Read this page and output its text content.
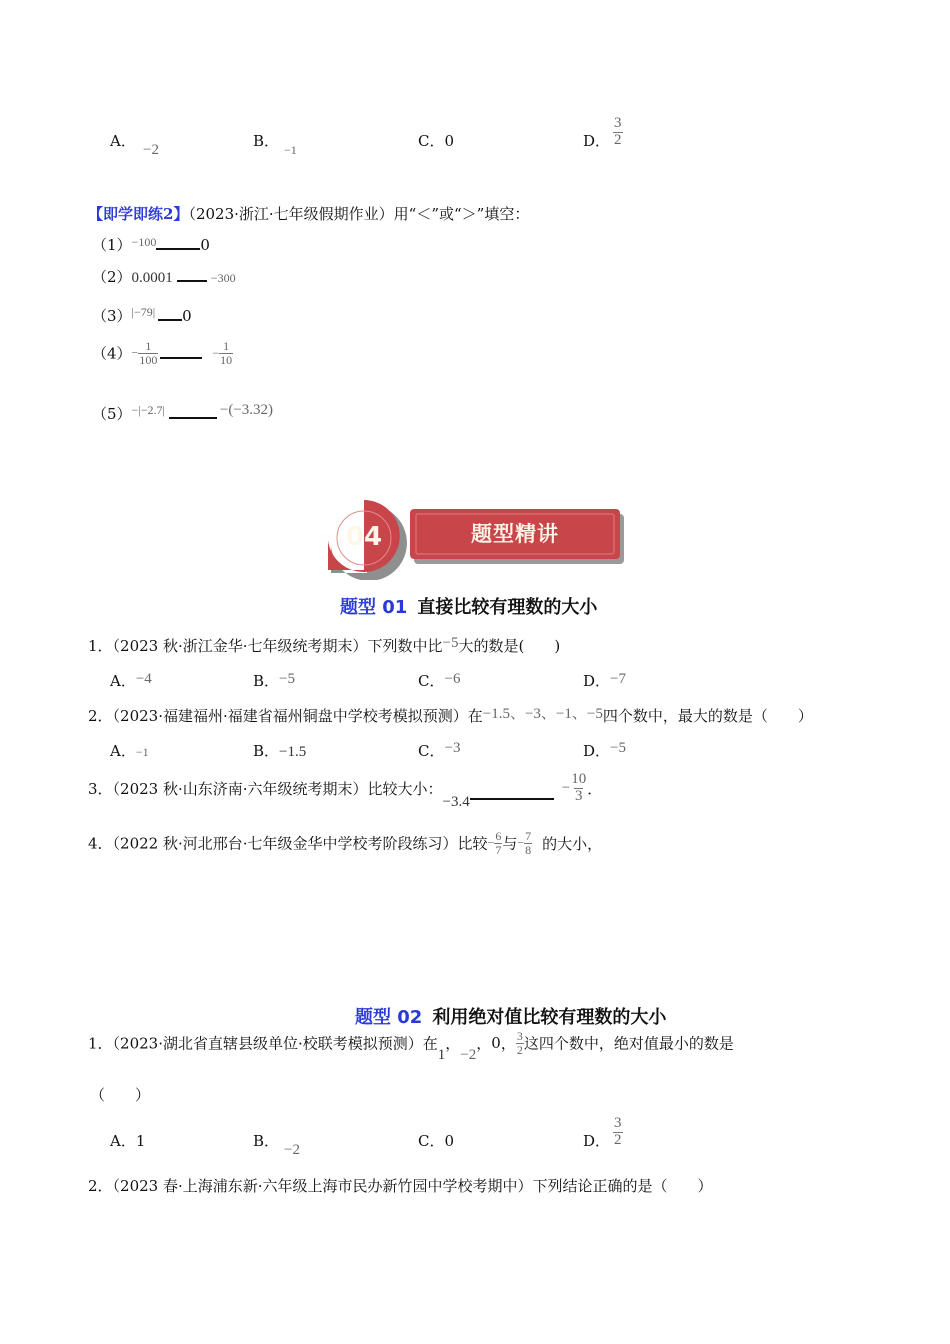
A． −2	B． −1	C．0	D． $\frac{3}{2}$
【即学即练2】（2023·浙江·七年级假期作业）用“＜”或“＞”填空：
$(1)^{-100}$	0
（2）0.0001	−300
$(3)^{|-79|}$ 0
$(4)- \frac{1}{100}$	− $\frac{1}{10}$
$(5)^{-|-2.7|}$	−(−3.32)
04	题型精讲
题型 01 直接比较有理数的大小
1．（2023 秋·浙江金华·七年级统考期末）下列数中比−5大的数是(　　)
A．−4	B．−5	C．−6	D．−7
2．（2023·福建福州·福建省福州铜盘中学校考模拟预测）在−1.5、−3、−1、−5四个数中，最大的数是（　　）
A．−1	B．−1.5	C．−3	D．−5
3．（2023 秋·山东济南·六年级统考期末）比较大小：$-3.4- \frac{10}{3}$ ．
4．（2022 秋·河北邢台·七年级金华中学校考阶段练习）比较− $\frac{6}{7}$ 与− $\frac{7}{8}$ 的大小，
题型 02 利用绝对值比较有理数的大小
1．（2023·湖北省直辖县级单位·校联考模拟预测）在1，−2，0， $\frac{3}{2}$ 这四个数中，绝对值最小的数是
（　　）
A．1	B． −2	C．0	D． $\frac{3}{2}$
2．（2023 春·上海浦东新·六年级上海市民办新竹园中学校考期中）下列结论正确的是（　　）
